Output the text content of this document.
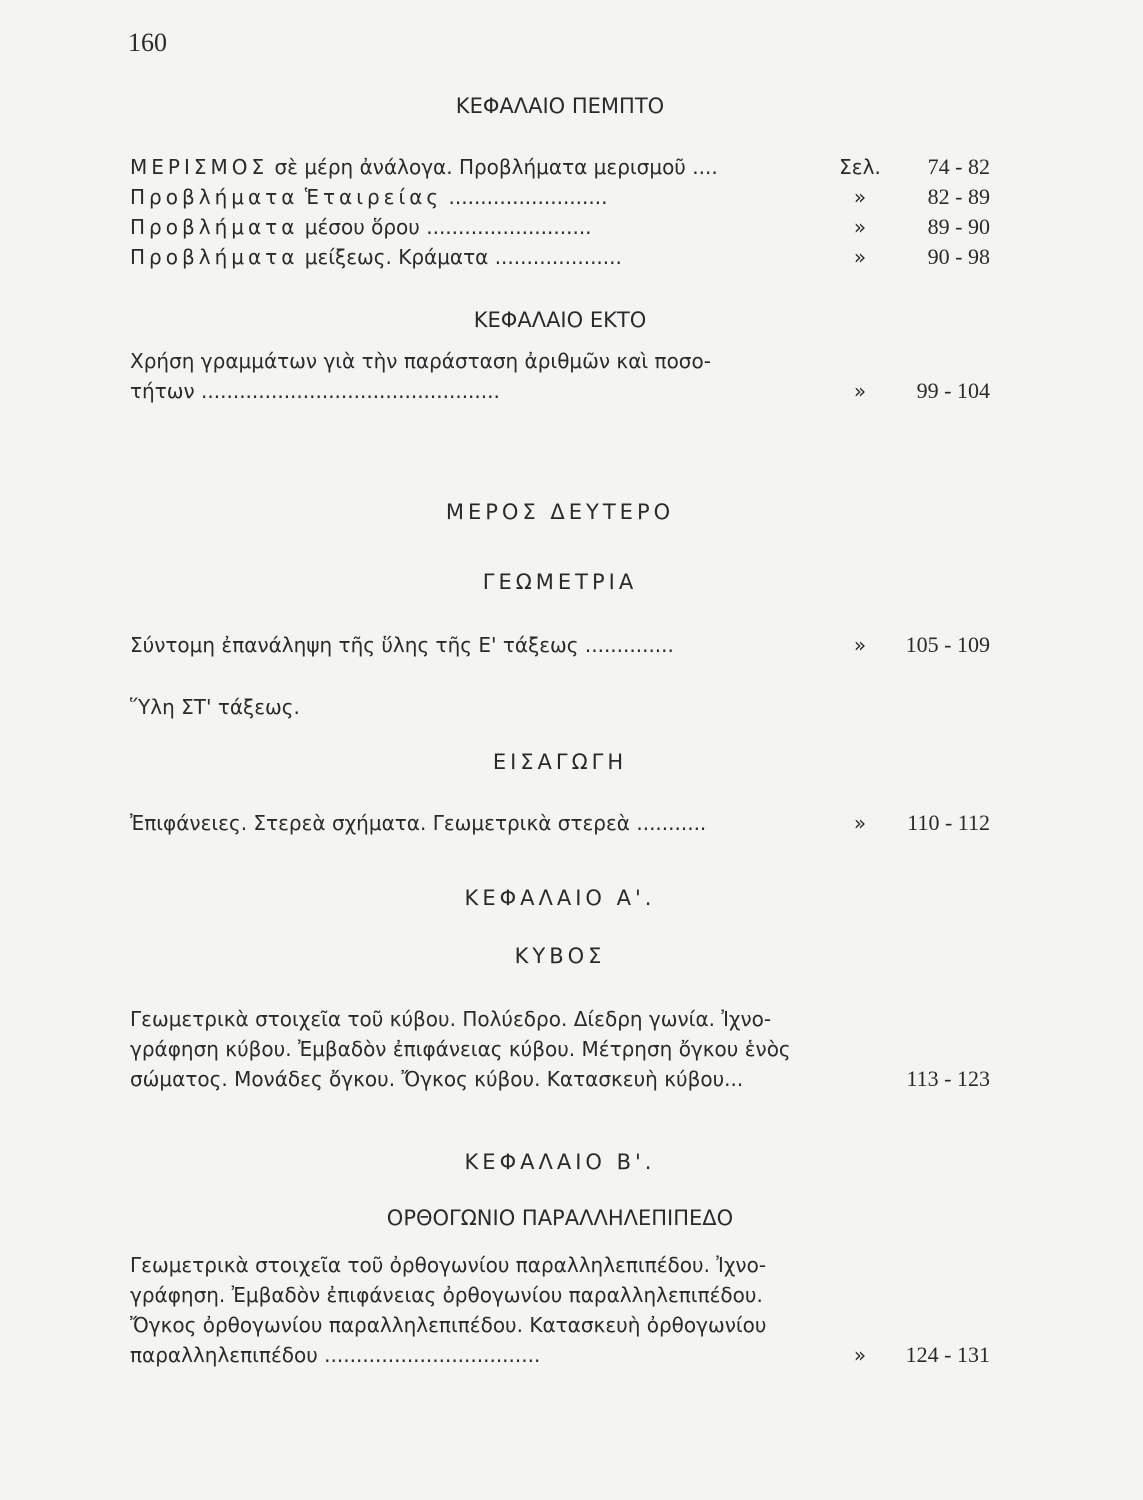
160
ΚΕΦΑΛΑΙΟ ΠΕΜΠΤΟ
ΜΕΡΙΣΜΟΣ σὲ μέρη ἀνάλογα. Προβλήματα μερισμοῦ ....	Σελ.	74 - 82
Προβλήματα Ἑταιρείας .........................	»	82 - 89
Προβλήματα μέσου ὅρου ..........................	»	89 - 90
Προβλήματα μείξεως. Κράματα ....................	»	90 - 98
ΚΕΦΑΛΑΙΟ ΕΚΤΟ
Χρήση γραμμάτων γιὰ τὴν παράσταση ἀριθμῶν καὶ ποσο-
τήτων ...............................................	»	99 - 104
ΜΕΡΟΣ ΔΕΥΤΕΡΟ
ΓΕΩΜΕΤΡΙΑ
Σύντομη ἐπανάληψη τῆς ὕλης τῆς Ε' τάξεως ..............	»	105 - 109
Ὕλη ΣΤ' τάξεως.
ΕΙΣΑΓΩΓΗ
Ἐπιφάνειες. Στερεὰ σχήματα. Γεωμετρικὰ στερεὰ ...........	»	110 - 112
ΚΕΦΑΛΑΙΟ Α'.
ΚΥΒΟΣ
Γεωμετρικὰ στοιχεῖα τοῦ κύβου. Πολύεδρο. Δίεδρη γωνία. Ἰχνο-
γράφηση κύβου. Ἐμβαδὸν ἐπιφάνειας κύβου. Μέτρηση ὄγκου ἑνὸς
σώματος. Μονάδες ὄγκου. Ὄγκος κύβου. Κατασκευὴ κύβου...	113 - 123
ΚΕΦΑΛΑΙΟ Β'.
ΟΡΘΟΓΩΝΙΟ ΠΑΡΑΛΛΗΛΕΠΙΠΕΔΟ
Γεωμετρικὰ στοιχεῖα τοῦ ὀρθογωνίου παραλληλεπιπέδου. Ἰχνο-
γράφηση. Ἐμβαδὸν ἐπιφάνειας ὀρθογωνίου παραλληλεπιπέδου.
Ὄγκος ὀρθογωνίου παραλληλεπιπέδου. Κατασκευὴ ὀρθογωνίου
παραλληλεπιπέδου ..................................	»	124 - 131
